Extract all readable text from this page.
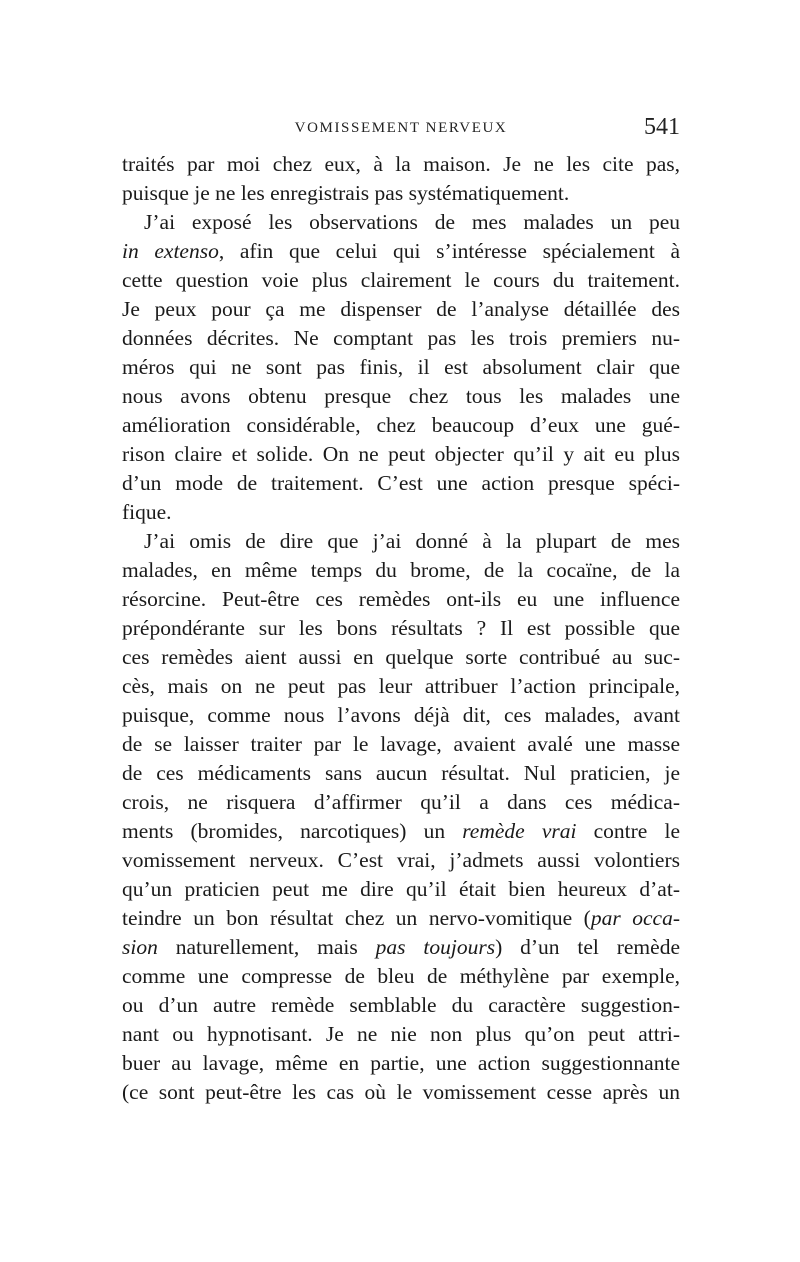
VOMISSEMENT NERVEUX	541
traités par moi chez eux, à la maison. Je ne les cite pas,
puisque je ne les enregistrais pas systématiquement.
J’ai exposé les observations de mes malades un peu
in extenso, afin que celui qui s’intéresse spécialement à
cette question voie plus clairement le cours du traitement.
Je peux pour ça me dispenser de l’analyse détaillée des
données décrites. Ne comptant pas les trois premiers nu-
méros qui ne sont pas finis, il est absolument clair que
nous avons obtenu presque chez tous les malades une
amélioration considérable, chez beaucoup d’eux une gué-
rison claire et solide. On ne peut objecter qu’il y ait eu plus
d’un mode de traitement. C’est une action presque spéci-
fique.
J’ai omis de dire que j’ai donné à la plupart de mes
malades, en même temps du brome, de la cocaïne, de la
résorcine. Peut-être ces remèdes ont-ils eu une influence
prépondérante sur les bons résultats ? Il est possible que
ces remèdes aient aussi en quelque sorte contribué au suc-
cès, mais on ne peut pas leur attribuer l’action principale,
puisque, comme nous l’avons déjà dit, ces malades, avant
de se laisser traiter par le lavage, avaient avalé une masse
de ces médicaments sans aucun résultat. Nul praticien, je
crois, ne risquera d’affirmer qu’il a dans ces médica-
ments (bromides, narcotiques) un remède vrai contre le
vomissement nerveux. C’est vrai, j’admets aussi volontiers
qu’un praticien peut me dire qu’il était bien heureux d’at-
teindre un bon résultat chez un nervo-vomitique (par occa-
sion naturellement, mais pas toujours) d’un tel remède
comme une compresse de bleu de méthylène par exemple,
ou d’un autre remède semblable du caractère suggestion-
nant ou hypnotisant. Je ne nie non plus qu’on peut attri-
buer au lavage, même en partie, une action suggestionnante
(ce sont peut-être les cas où le vomissement cesse après un
